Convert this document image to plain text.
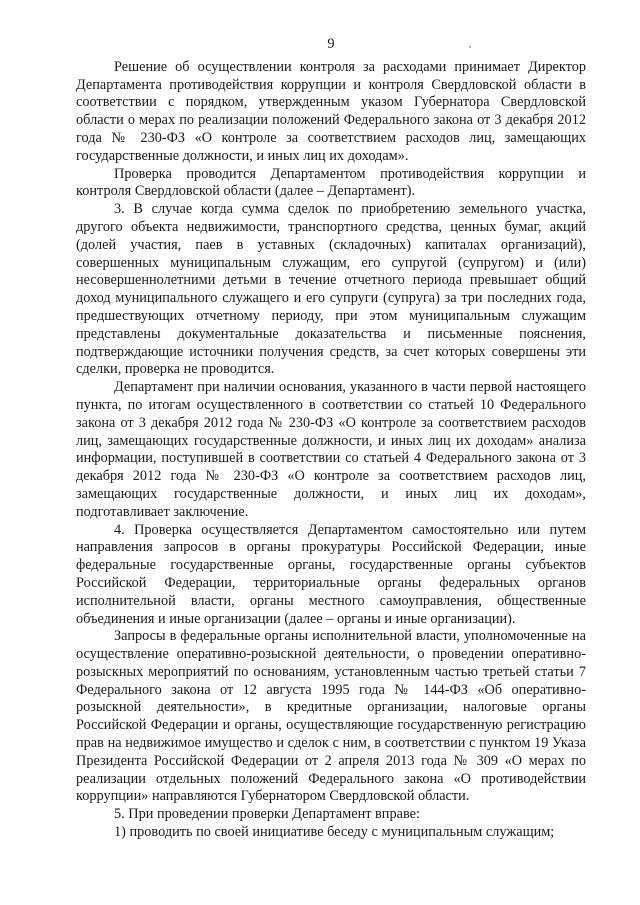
9

Решение об осуществлении контроля за расходами принимает Директор Департамента противодействия коррупции и контроля Свердловской области в соответствии с порядком, утвержденным указом Губернатора Свердловской области о мерах по реализации положений Федерального закона от 3 декабря 2012 года № 230-ФЗ «О контроле за соответствием расходов лиц, замещающих государственные должности, и иных лиц их доходам».

Проверка проводится Департаментом противодействия коррупции и контроля Свердловской области (далее – Департамент).

3. В случае когда сумма сделок по приобретению земельного участка, другого объекта недвижимости, транспортного средства, ценных бумаг, акций (долей участия, паев в уставных (складочных) капиталах организаций), совершенных муниципальным служащим, его супругой (супругом) и (или) несовершеннолетними детьми в течение отчетного периода превышает общий доход муниципального служащего и его супруги (супруга) за три последних года, предшествующих отчетному периоду, при этом муниципальным служащим представлены документальные доказательства и письменные пояснения, подтверждающие источники получения средств, за счет которых совершены эти сделки, проверка не проводится.

Департамент при наличии основания, указанного в части первой настоящего пункта, по итогам осуществленного в соответствии со статьей 10 Федерального закона от 3 декабря 2012 года № 230-ФЗ «О контроле за соответствием расходов лиц, замещающих государственные должности, и иных лиц их доходам» анализа информации, поступившей в соответствии со статьей 4 Федерального закона от 3 декабря 2012 года № 230-ФЗ «О контроле за соответствием расходов лиц, замещающих государственные должности, и иных лиц их доходам», подготавливает заключение.

4. Проверка осуществляется Департаментом самостоятельно или путем направления запросов в органы прокуратуры Российской Федерации, иные федеральные государственные органы, государственные органы субъектов Российской Федерации, территориальные органы федеральных органов исполнительной власти, органы местного самоуправления, общественные объединения и иные организации (далее – органы и иные организации).

Запросы в федеральные органы исполнительной власти, уполномоченные на осуществление оперативно-розыскной деятельности, о проведении оперативно-розыскных мероприятий по основаниям, установленным частью третьей статьи 7 Федерального закона от 12 августа 1995 года № 144-ФЗ «Об оперативно-розыскной деятельности», в кредитные организации, налоговые органы Российской Федерации и органы, осуществляющие государственную регистрацию прав на недвижимое имущество и сделок с ним, в соответствии с пунктом 19 Указа Президента Российской Федерации от 2 апреля 2013 года № 309 «О мерах по реализации отдельных положений Федерального закона «О противодействии коррупции» направляются Губернатором Свердловской области.

5. При проведении проверки Департамент вправе:

1) проводить по своей инициативе беседу с муниципальным служащим;
